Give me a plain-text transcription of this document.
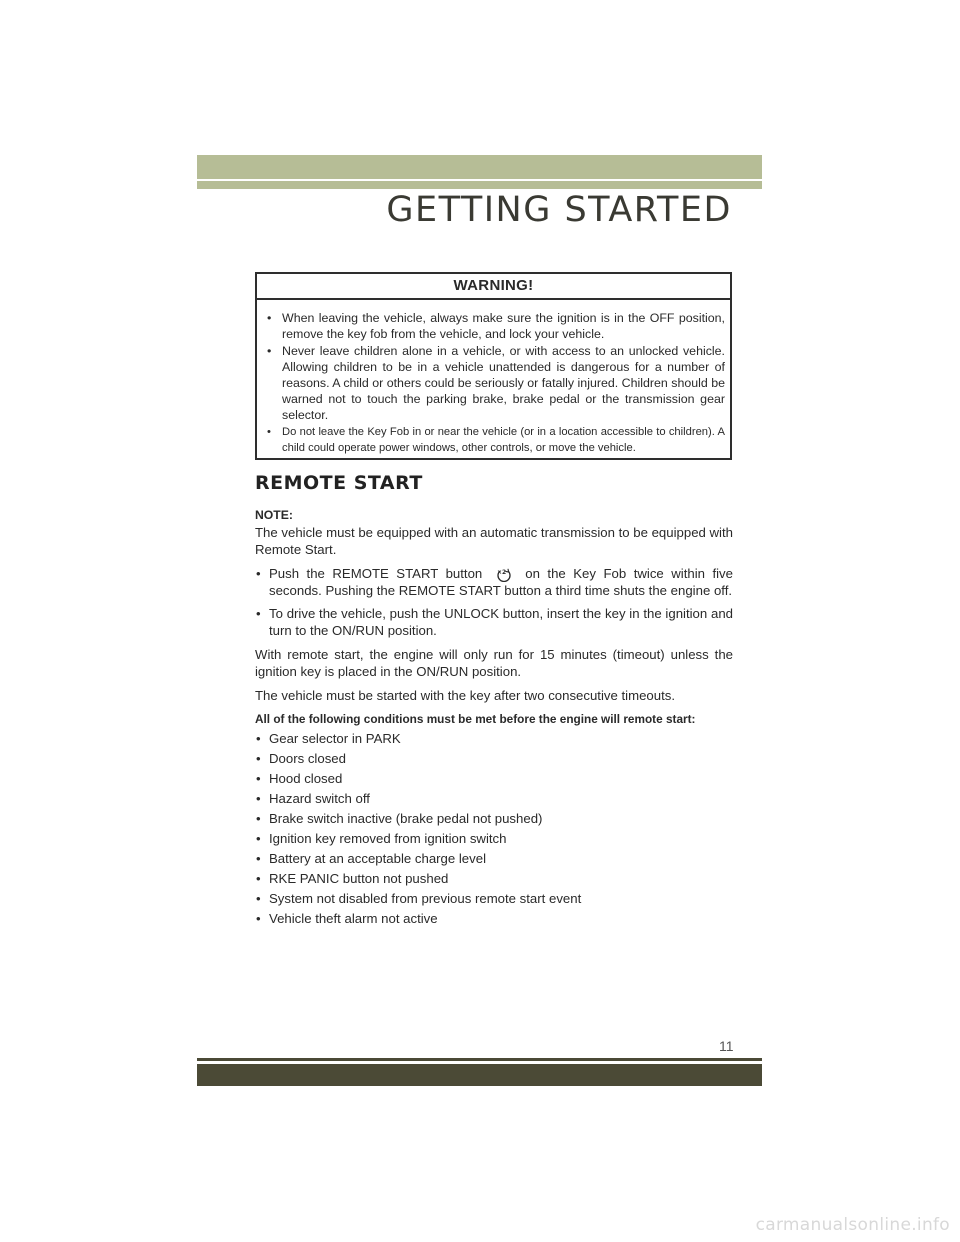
GETTING STARTED
WARNING!
• When leaving the vehicle, always make sure the ignition is in the OFF position, remove the key fob from the vehicle, and lock your vehicle.
• Never leave children alone in a vehicle, or with access to an unlocked vehicle. Allowing children to be in a vehicle unattended is dangerous for a number of reasons. A child or others could be seriously or fatally injured. Children should be warned not to touch the parking brake, brake pedal or the transmission gear selector.
• Do not leave the Key Fob in or near the vehicle (or in a location accessible to children). A child could operate power windows, other controls, or move the vehicle.
REMOTE START

NOTE:

The vehicle must be equipped with an automatic transmission to be equipped with Remote Start.

• Push the REMOTE START button ×2 on the Key Fob twice within five seconds. Pushing the REMOTE START button a third time shuts the engine off.
• To drive the vehicle, push the UNLOCK button, insert the key in the ignition and turn to the ON/RUN position.

With remote start, the engine will only run for 15 minutes (timeout) unless the ignition key is placed in the ON/RUN position.

The vehicle must be started with the key after two consecutive timeouts.

All of the following conditions must be met before the engine will remote start:

• Gear selector in PARK
• Doors closed
• Hood closed
• Hazard switch off
• Brake switch inactive (brake pedal not pushed)
• Ignition key removed from ignition switch
• Battery at an acceptable charge level
• RKE PANIC button not pushed
• System not disabled from previous remote start event
• Vehicle theft alarm not active
11
carmanualsonline.info
